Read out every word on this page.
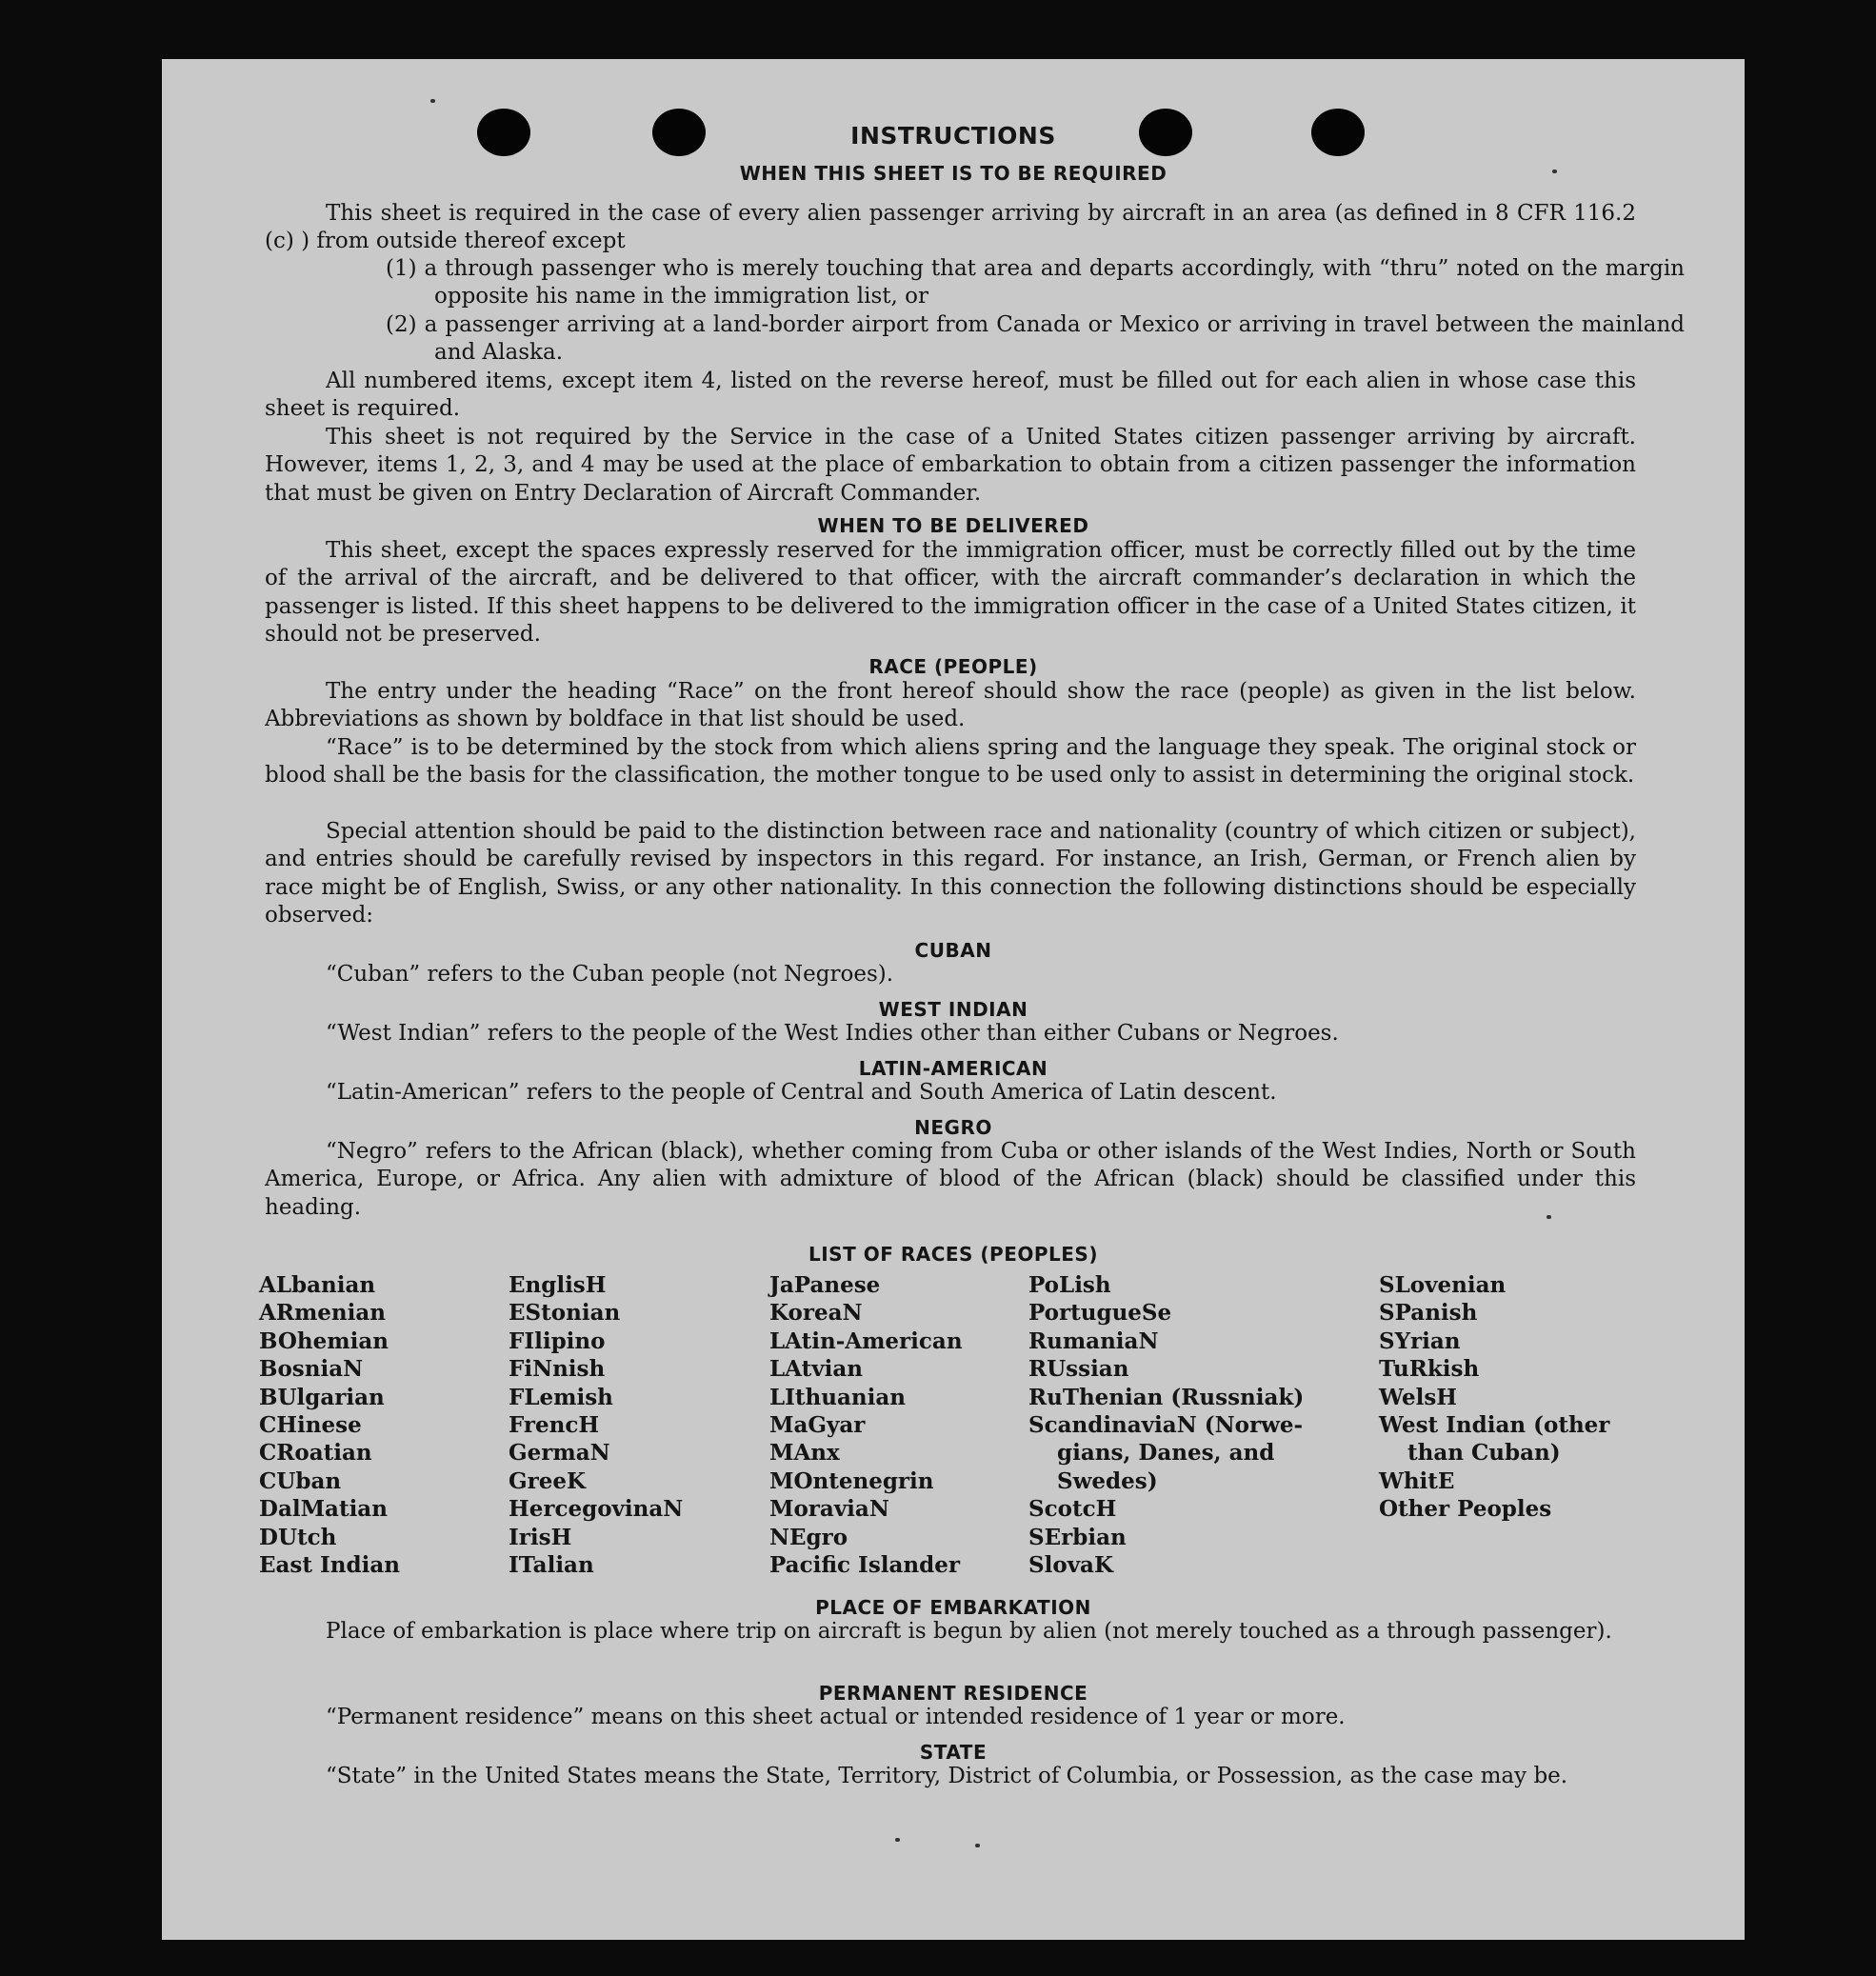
INSTRUCTIONS
WHEN THIS SHEET IS TO BE REQUIRED

This sheet is required in the case of every alien passenger arriving by aircraft in an area (as defined in 8 CFR 116.2 (c) ) from outside thereof except

(1) a through passenger who is merely touching that area and departs accordingly, with “thru” noted on the margin opposite his name in the immigration list, or

(2) a passenger arriving at a land-border airport from Canada or Mexico or arriving in travel between the mainland and Alaska.

All numbered items, except item 4, listed on the reverse hereof, must be filled out for each alien in whose case this sheet is required.

This sheet is not required by the Service in the case of a United States citizen passenger arriving by aircraft. However, items 1, 2, 3, and 4 may be used at the place of embarkation to obtain from a citizen passenger the information that must be given on Entry Declaration of Aircraft Commander.

WHEN TO BE DELIVERED

This sheet, except the spaces expressly reserved for the immigration officer, must be correctly filled out by the time of the arrival of the aircraft, and be delivered to that officer, with the aircraft commander’s declaration in which the passenger is listed. If this sheet happens to be delivered to the immigration officer in the case of a United States citizen, it should not be preserved.

RACE (PEOPLE)

The entry under the heading “Race” on the front hereof should show the race (people) as given in the list below. Abbreviations as shown by boldface in that list should be used.

“Race” is to be determined by the stock from which aliens spring and the language they speak. The original stock or blood shall be the basis for the classification, the mother tongue to be used only to assist in determining the original stock.

Special attention should be paid to the distinction between race and nationality (country of which citizen or subject), and entries should be carefully revised by inspectors in this regard. For instance, an Irish, German, or French alien by race might be of English, Swiss, or any other nationality. In this connection the following distinctions should be especially observed:

CUBAN

“Cuban” refers to the Cuban people (not Negroes).

WEST INDIAN

“West Indian” refers to the people of the West Indies other than either Cubans or Negroes.

LATIN-AMERICAN

“Latin-American” refers to the people of Central and South America of Latin descent.

NEGRO

“Negro” refers to the African (black), whether coming from Cuba or other islands of the West Indies, North or South America, Europe, or Africa. Any alien with admixture of blood of the African (black) should be classified under this heading.

LIST OF RACES (PEOPLES)
ALbanian
ARmenian
BOhemian
BosniaN
BUlgarian
CHinese
CRoatian
CUban
DalMatian
DUtch
East Indian
EnglisH
EStonian
FIlipino
FiNnish
FLemish
FrencH
GermaN
GreeK
HercegovinaN
IrisH
ITalian
JaPanese
KoreaN
LAtin-American
LAtvian
LIthuanian
MaGyar
MAnx
MOntenegrin
MoraviaN
NEgro
Pacific Islander
PoLish
PortugueSe
RumaniaN
RUssian
RuThenian (Russniak)
ScandinaviaN (Norwe-
gians, Danes, and
Swedes)
ScotcH
SErbian
SlovaK
SLovenian
SPanish
SYrian
TuRkish
WelsH
West Indian (other
than Cuban)
WhitE
Other Peoples
PLACE OF EMBARKATION

Place of embarkation is place where trip on aircraft is begun by alien (not merely touched as a through passenger).

PERMANENT RESIDENCE

“Permanent residence” means on this sheet actual or intended residence of 1 year or more.

STATE

“State” in the United States means the State, Territory, District of Columbia, or Possession, as the case may be.
